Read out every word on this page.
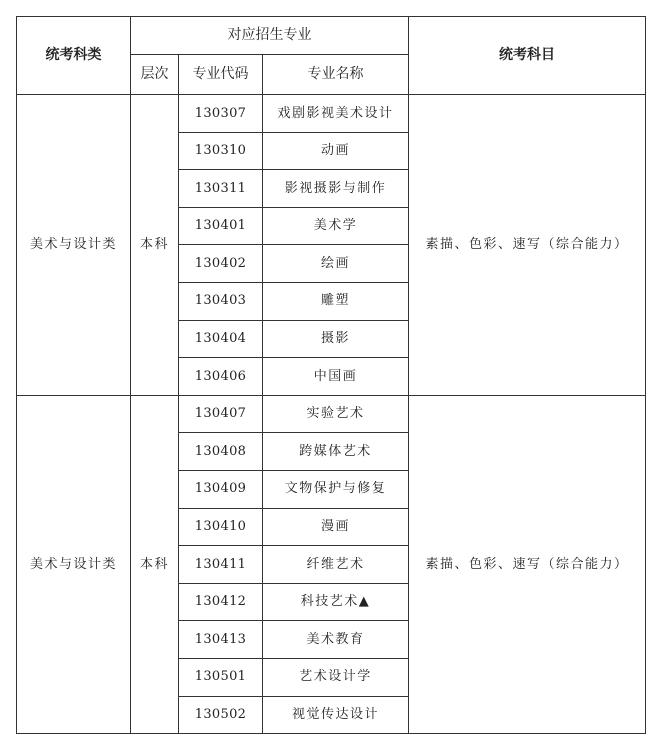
统考科类	对应招生专业			统考科目
	层次	专业代码	专业名称	
美术与设计类	本科	130307	戏剧影视美术设计	素描、色彩、速写（综合能力）
		130310	动画	
		130311	影视摄影与制作	
		130401	美术学	
		130402	绘画	
		130403	雕塑	
		130404	摄影	
		130406	中国画	
美术与设计类	本科	130407	实验艺术	素描、色彩、速写（综合能力）
		130408	跨媒体艺术	
		130409	文物保护与修复	
		130410	漫画	
		130411	纤维艺术	
		130412	科技艺术▲	
		130413	美术教育	
		130501	艺术设计学	
		130502	视觉传达设计	
